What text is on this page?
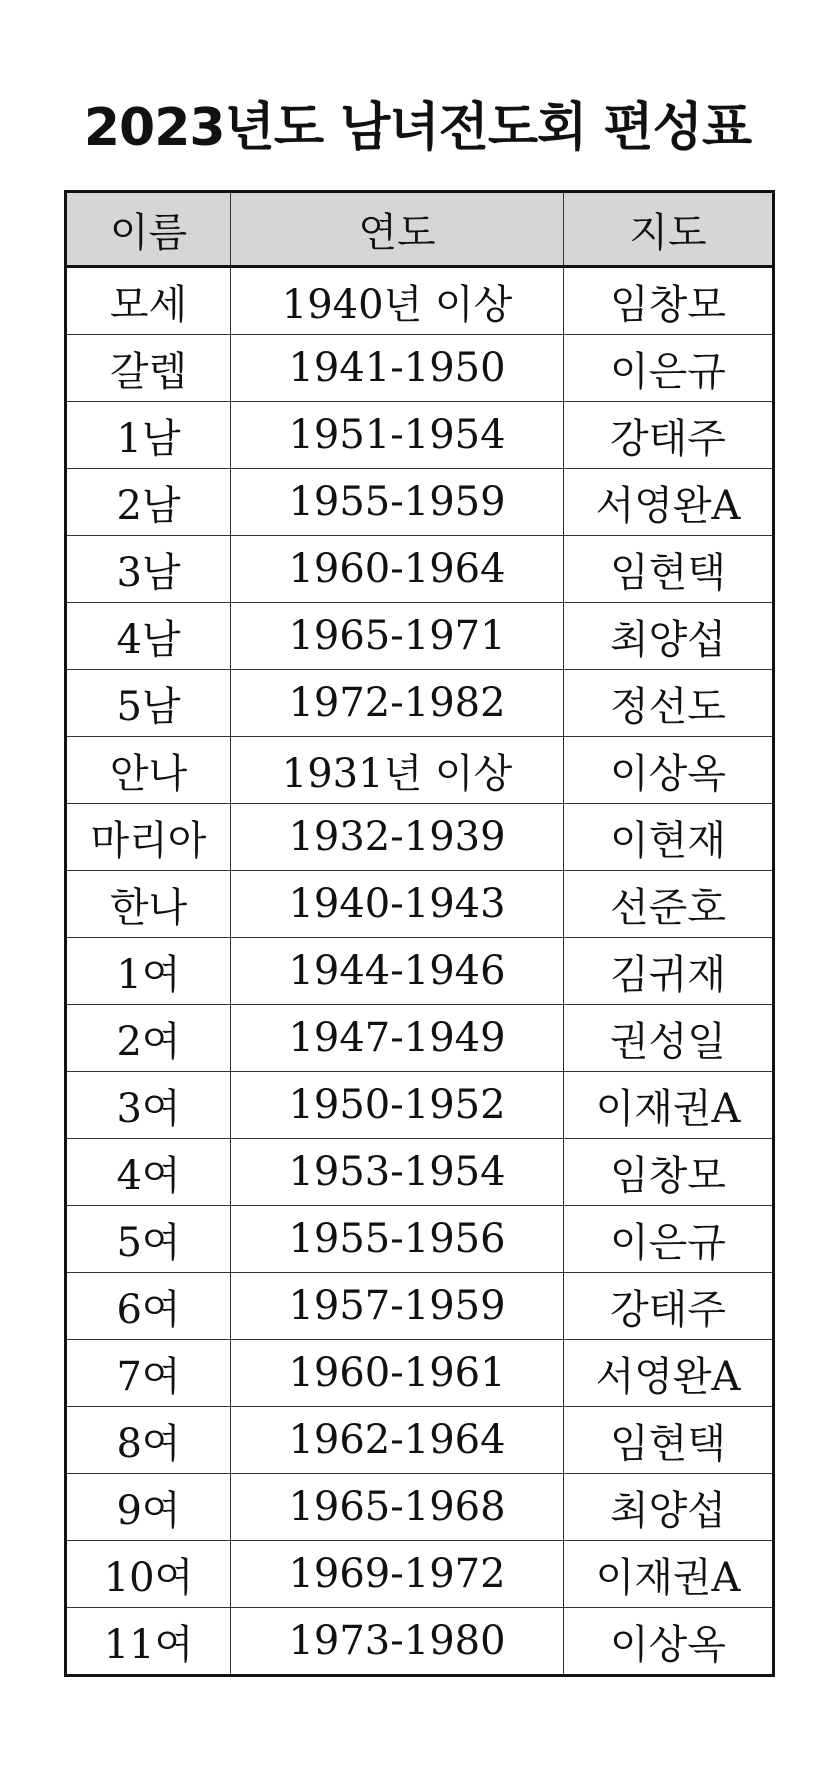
2023년도 남녀전도회 편성표
이름	연도	지도
모세	1940년 이상	임창모
갈렙	1941-1950	이은규
1남	1951-1954	강태주
2남	1955-1959	서영완A
3남	1960-1964	임현택
4남	1965-1971	최양섭
5남	1972-1982	정선도
안나	1931년 이상	이상옥
마리아	1932-1939	이현재
한나	1940-1943	선준호
1여	1944-1946	김귀재
2여	1947-1949	권성일
3여	1950-1952	이재권A
4여	1953-1954	임창모
5여	1955-1956	이은규
6여	1957-1959	강태주
7여	1960-1961	서영완A
8여	1962-1964	임현택
9여	1965-1968	최양섭
10여	1969-1972	이재권A
11여	1973-1980	이상옥
